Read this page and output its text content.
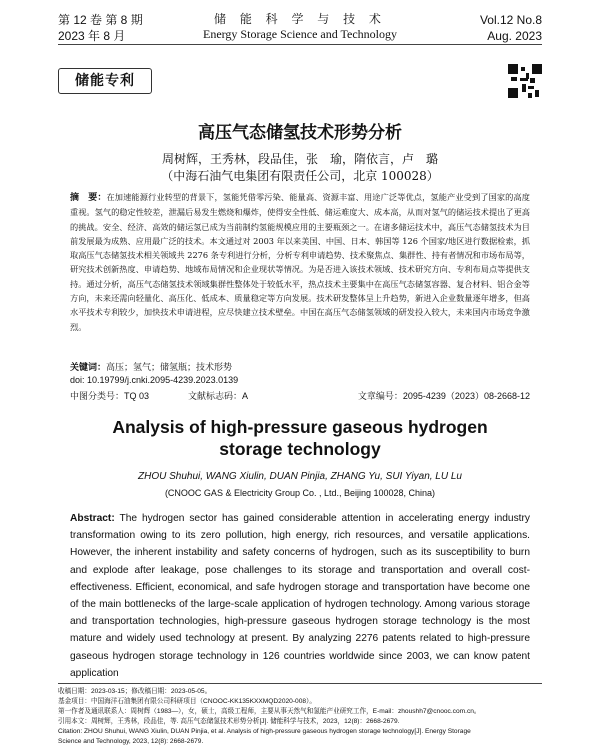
第 12 卷 第 8 期
2023 年 8 月
储 能 科 学 与 技 术
Energy Storage Science and Technology
Vol.12 No.8
Aug. 2023
储能专利
高压气态储氢技术形势分析
周树辉，王秀林，段品佳，张　瑜，隋依言，卢　璐
（中海石油气电集团有限责任公司，北京 100028）
摘　要：在加速能源行业转型的背景下，氢能凭借零污染、能量高、资源丰富、用途广泛等优点，氢能产业受到了国家的高度重视。氢气的稳定性较差，泄漏后易发生燃烧和爆炸，使得安全性低、储运难度大、成本高，从而对氢气的储运技术提出了更高的挑战。安全、经济、高效的储运氢已成为当前制约氢能规模应用的主要瓶颈之一。在诸多储运技术中，高压气态储氢技术为目前发展最为成熟、应用最广泛的技术。本文通过对 2003 年以来美国、中国、日本、韩国等 126 个国家/地区进行数据检索，抓取高压气态储氢技术相关领域共 2276 条专利进行分析，分析专利申请趋势、技术聚焦点、集群性、持有者情况和市场布局等，研究技术创新热度、申请趋势、地域布局情况和企业现状等情况。为是否进入该技术领域、技术研究方向、专利布局点等提供支持。通过分析，高压气态储氢技术领域集群性整体处于较低水平，热点技术主要集中在高压气态储氢容器、复合材料、铝合金等方向，未来还需向轻量化、高压化、低成本、质量稳定等方向发展。技术研发整体呈上升趋势，新进入企业数量逐年增多，但高水平技术专利较少，加快技术申请进程，应尽快建立技术壁垒。中国在高压气态储氢领域的研发投入较大，未来国内市场竞争激烈。
关键词：高压；氢气；储氢瓶；技术形势
doi: 10.19799/j.cnki.2095-4239.2023.0139
中图分类号：TQ 03	文献标志码：A	文章编号：2095-4239（2023）08-2668-12
Analysis of high-pressure gaseous hydrogen storage technology
ZHOU Shuhui, WANG Xiulin, DUAN Pinjia, ZHANG Yu, SUI Yiyan, LU Lu
(CNOOC GAS & Electricity Group Co. , Ltd., Beijing 100028, China)
Abstract: The hydrogen sector has gained considerable attention in accelerating energy industry transformation owing to its zero pollution, high energy, rich resources, and versatile applications. However, the inherent instability and safety concerns of hydrogen, such as its susceptibility to burn and explode after leakage, pose challenges to its storage and transportation and overall cost-effectiveness. Efficient, economical, and safe hydrogen storage and transportation have become one of the main bottlenecks of the large-scale application of hydrogen technology. Among various storage and transportation technologies, high-pressure gaseous hydrogen storage technology is the most mature and widely used technology at present. By analyzing 2276 patents related to high-pressure gaseous hydrogen storage technology in 126 countries worldwide since 2003, we can know patent application
收稿日期：2023-03-15；修改稿日期：2023-05-05。
基金项目：中国海洋石油集团有限公司科研项目（CNOOC-KK135KXXMQD2020-008）。
第一作者及通讯联系人：周树辉（1983—），女，硕士，高级工程师，主要从事天然气和氢能产业研究工作，E-mail：zhoushh7@cnooc.com.cn。
引用本文：周树辉，王秀林，段品佳，等. 高压气态储氢技术形势分析[J]. 储能科学与技术，2023，12(8)：2668-2679.
Citation: ZHOU Shuhui, WANG Xiulin, DUAN Pinjia, et al. Analysis of high-pressure gaseous hydrogen storage technology[J]. Energy Storage
Science and Technology, 2023, 12(8): 2668-2679.
